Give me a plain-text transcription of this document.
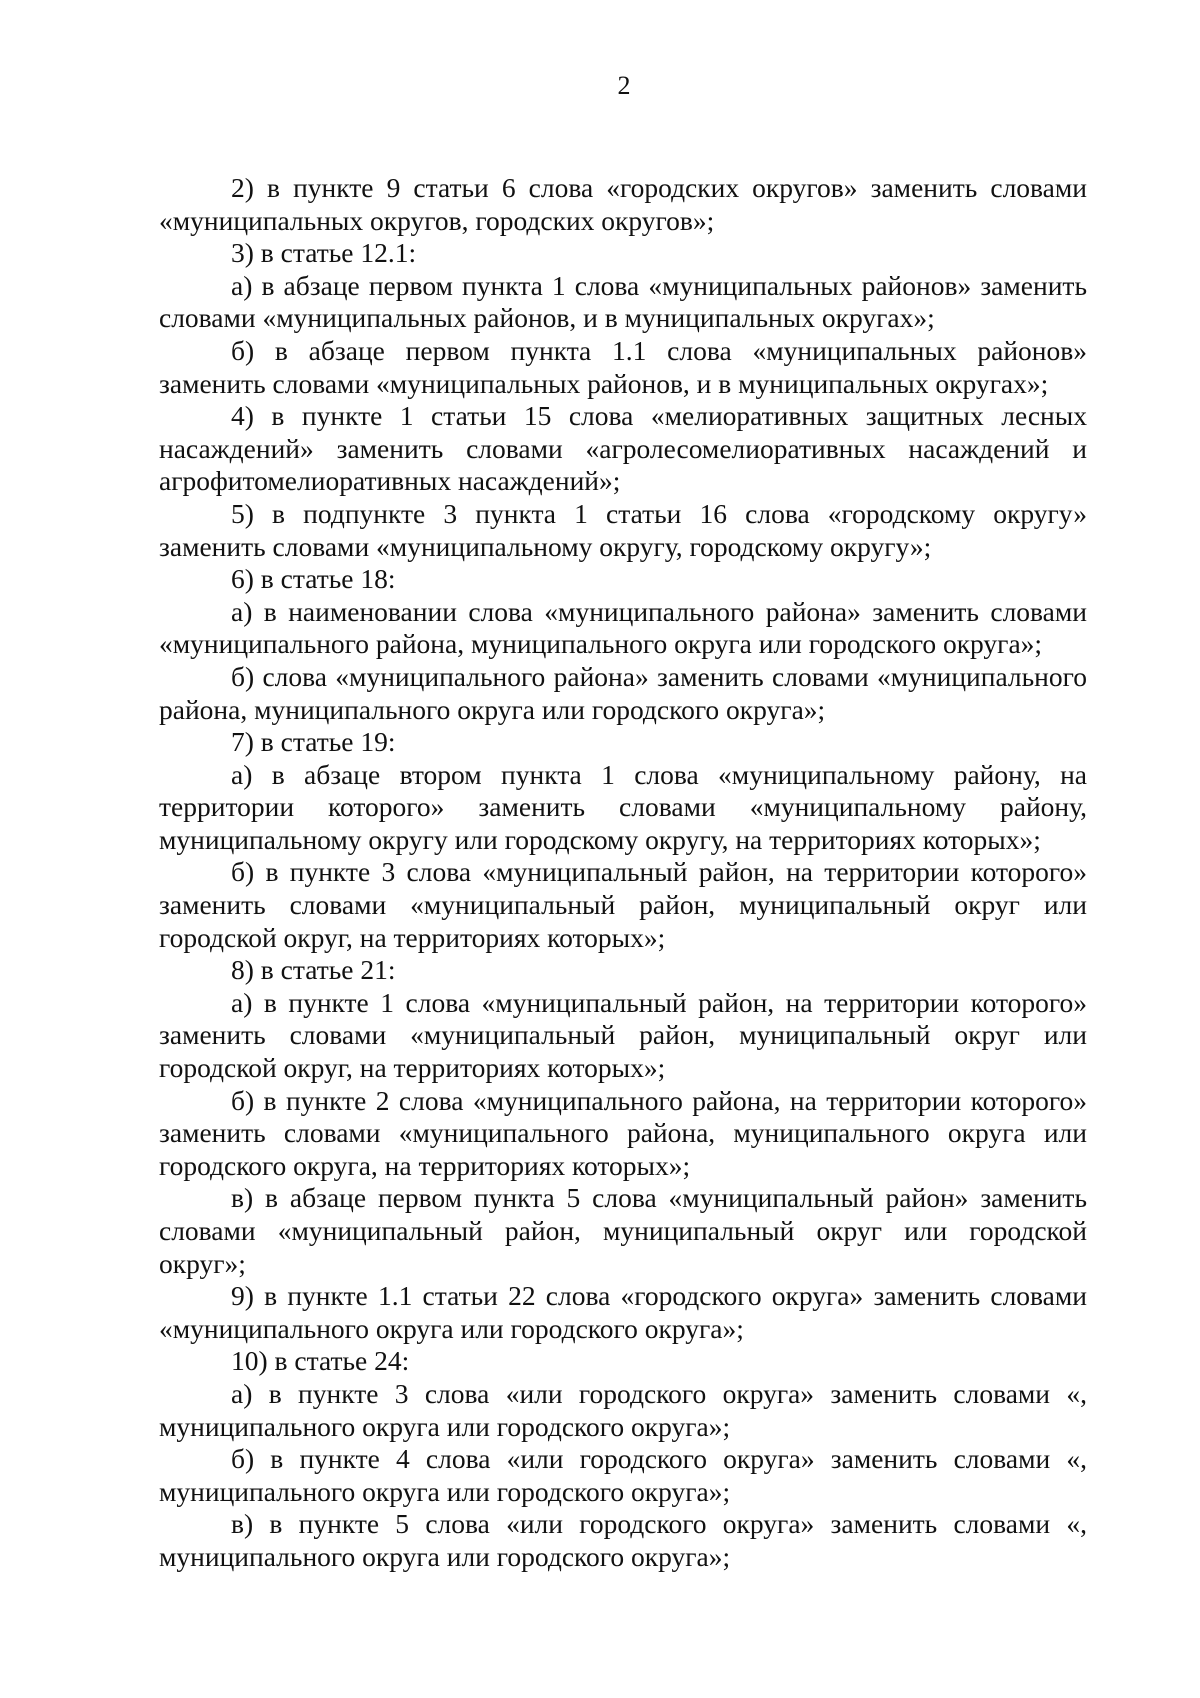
2

2) в пункте 9 статьи 6 слова «городских округов» заменить словами «муниципальных округов, городских округов»;

3) в статье 12.1:

а) в абзаце первом пункта 1 слова «муниципальных районов» заменить словами «муниципальных районов, и в муниципальных округах»;

б) в абзаце первом пункта 1.1 слова «муниципальных районов» заменить словами «муниципальных районов, и в муниципальных округах»;

4) в пункте 1 статьи 15 слова «мелиоративных защитных лесных насаждений» заменить словами «агролесомелиоративных насаждений и агрофитомелиоративных насаждений»;

5) в подпункте 3 пункта 1 статьи 16 слова «городскому округу» заменить словами «муниципальному округу, городскому округу»;

6) в статье 18:

а) в наименовании слова «муниципального района» заменить словами «муниципального района, муниципального округа или городского округа»;

б) слова «муниципального района» заменить словами «муниципального района, муниципального округа или городского округа»;

7) в статье 19:

а) в абзаце втором пункта 1 слова «муниципальному району, на территории которого» заменить словами «муниципальному району, муниципальному округу или городскому округу, на территориях которых»;

б) в пункте 3 слова «муниципальный район, на территории которого» заменить словами «муниципальный район, муниципальный округ или городской округ, на территориях которых»;

8) в статье 21:

а) в пункте 1 слова «муниципальный район, на территории которого» заменить словами «муниципальный район, муниципальный округ или городской округ, на территориях которых»;

б) в пункте 2 слова «муниципального района, на территории которого» заменить словами «муниципального района, муниципального округа или городского округа, на территориях которых»;

в) в абзаце первом пункта 5 слова «муниципальный район» заменить словами «муниципальный район, муниципальный округ или городской округ»;

9) в пункте 1.1 статьи 22 слова «городского округа» заменить словами «муниципального округа или городского округа»;

10) в статье 24:

а) в пункте 3 слова «или городского округа» заменить словами «, муниципального округа или городского округа»;

б) в пункте 4 слова «или городского округа» заменить словами «, муниципального округа или городского округа»;

в) в пункте 5 слова «или городского округа» заменить словами «, муниципального округа или городского округа»;
